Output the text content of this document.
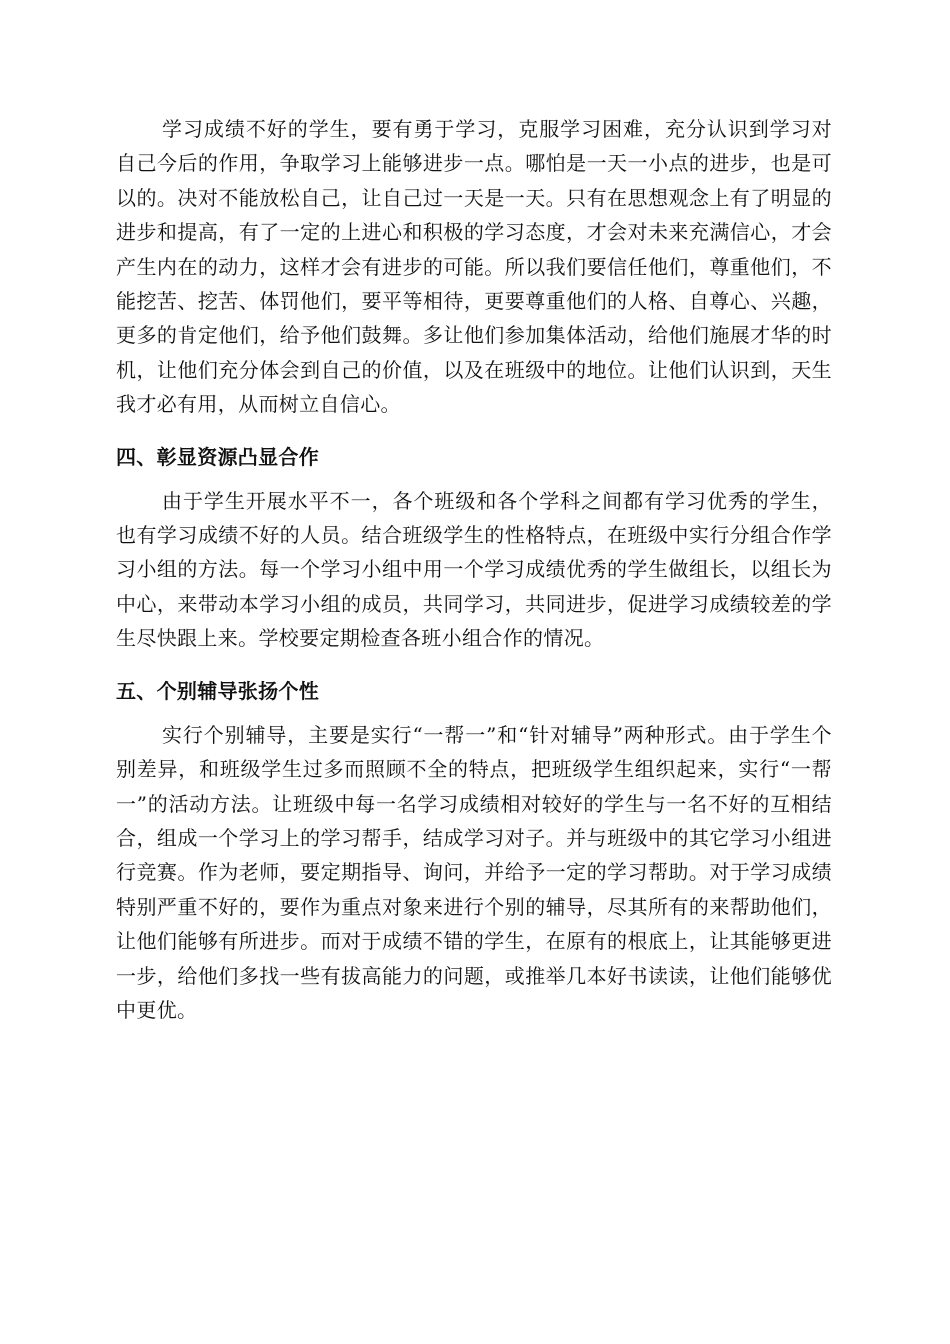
学习成绩不好的学生，要有勇于学习，克服学习困难，充分认识到学习对自己今后的作用，争取学习上能够进步一点。哪怕是一天一小点的进步，也是可以的。决对不能放松自己，让自己过一天是一天。只有在思想观念上有了明显的进步和提高，有了一定的上进心和积极的学习态度，才会对未来充满信心，才会产生内在的动力，这样才会有进步的可能。所以我们要信任他们，尊重他们，不能挖苦、挖苦、体罚他们，要平等相待，更要尊重他们的人格、自尊心、兴趣，更多的肯定他们，给予他们鼓舞。多让他们参加集体活动，给他们施展才华的时机，让他们充分体会到自己的价值，以及在班级中的地位。让他们认识到，天生我才必有用，从而树立自信心。

四、彰显资源凸显合作

由于学生开展水平不一，各个班级和各个学科之间都有学习优秀的学生，也有学习成绩不好的人员。结合班级学生的性格特点，在班级中实行分组合作学习小组的方法。每一个学习小组中用一个学习成绩优秀的学生做组长，以组长为中心，来带动本学习小组的成员，共同学习，共同进步，促进学习成绩较差的学生尽快跟上来。学校要定期检查各班小组合作的情况。

五、个别辅导张扬个性

实行个别辅导，主要是实行“一帮一”和“针对辅导”两种形式。由于学生个别差异，和班级学生过多而照顾不全的特点，把班级学生组织起来，实行“一帮一”的活动方法。让班级中每一名学习成绩相对较好的学生与一名不好的互相结合，组成一个学习上的学习帮手，结成学习对子。并与班级中的其它学习小组进行竞赛。作为老师，要定期指导、询问，并给予一定的学习帮助。对于学习成绩特别严重不好的，要作为重点对象来进行个别的辅导，尽其所有的来帮助他们，让他们能够有所进步。而对于成绩不错的学生，在原有的根底上，让其能够更进一步，给他们多找一些有拔高能力的问题，或推举几本好书读读，让他们能够优中更优。
